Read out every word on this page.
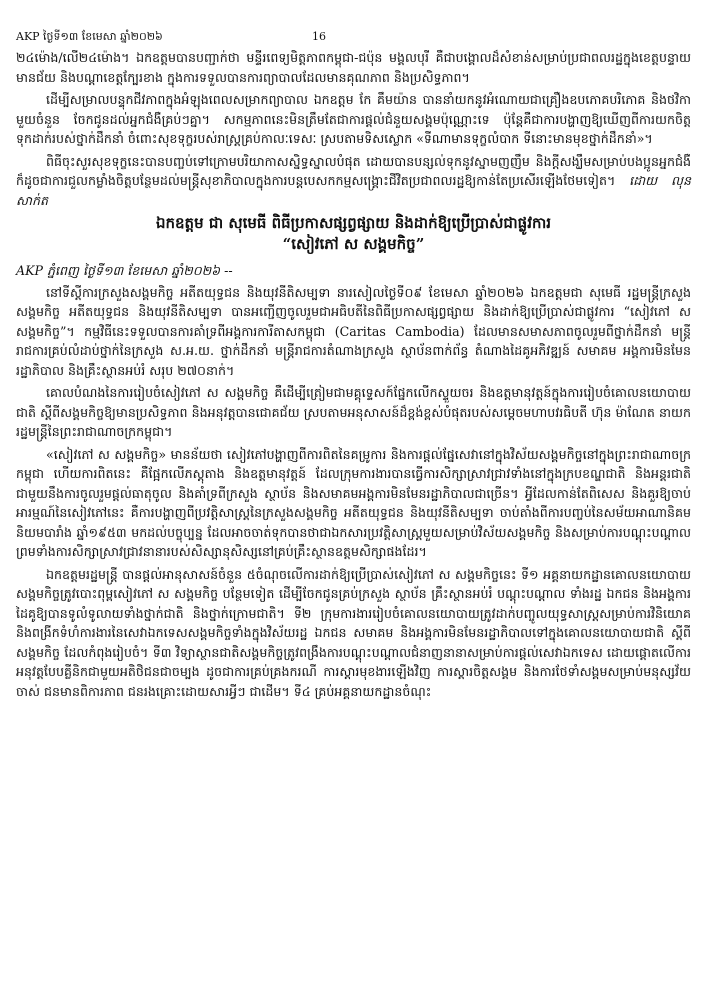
AKP ថ្ងៃទី១៣ ខែមេសា ឆ្នាំ២០២៦	16

២៤ម៉ោង/លើ២៤ម៉ោង។ ឯកឧត្តមបានបញ្ជាក់ថា មន្ទីរពេទ្យមិត្តភាពកម្ពុជា-ជប៉ុន មង្គលបុរី គឺជាបង្គោលដ៏សំខាន់សម្រាប់ប្រជាពលរដ្ឋក្នុងខេត្តបន្ទាយមានជ័យ និងបណ្ដាខេត្តក្បែរខាង ក្នុងការទទួលបានការព្យាបាលដែលមានគុណភាព និងប្រសិទ្ធភាព។

ដើម្បីសម្រាលបន្ទុកជីវភាពក្នុងអំឡុងពេលសម្រាកព្យាបាល ឯកឧត្តម កែ គឹមយ៉ាន បាននាំយកនូវអំណោយជាគ្រឿងឧបភោគបរិភោគ និងថវិកាមួយចំនួន ចែកជូនដល់អ្នកជំងឺគ្រប់ៗគ្នា។ សកម្មភាពនេះមិនត្រឹមតែជាការផ្ដល់ជំនួយសង្គមប៉ុណ្ណោះទេ ប៉ុន្តែគឺជាការបង្ហាញឱ្យឃើញពីការយកចិត្តទុកដាក់របស់ថ្នាក់ដឹកនាំ ចំពោះសុខទុក្ខរបស់រាស្ត្រគ្រប់កាលៈទេសៈ ស្របតាមទិសស្លោក «ទីណាមានទុក្ខលំបាក ទីនោះមានមុខថ្នាក់ដឹកនាំ»។

ពិធីចុះសួរសុខទុក្ខនេះបានបញ្ចប់ទៅក្រោមបរិយាកាសស្និទ្ធស្នាលបំផុត ដោយបានបន្សល់ទុកនូវស្នាមញញឹម និងក្ដីសង្ឃឹមសម្រាប់បងប្អូនអ្នកជំងឺ ក៏ដូចជាការជួលកម្លាំងចិត្តបន្ថែមដល់មន្ត្រីសុខាភិបាលក្នុងការបន្តបេសកកម្មសង្គ្រោះជីវិតប្រជាពលរដ្ឋឱ្យកាន់តែប្រសើរឡើងថែមទៀត។ ដោយ លុន សាក់ត

ឯកឧត្តម ជា សុមេធី ពិធីប្រកាសផ្សព្វផ្សាយ និងដាក់ឱ្យប្រើប្រាស់ជាផ្លូវការ
“សៀវភៅ ស សង្គមកិច្ច”
AKP ភ្នំពេញ ថ្ងៃទី១៣ ខែមេសា ឆ្នាំ២០២៦ --

នៅទីស្ដីការក្រសួងសង្គមកិច្ច អតីតយុទ្ធជន និងយុវនីតិសម្បទា នារសៀលថ្ងៃទី០៩ ខែមេសា ឆ្នាំ២០២៦ ឯកឧត្តមជា សុមេធី រដ្ឋមន្ត្រីក្រសួងសង្គមកិច្ច អតីតយុទ្ធជន និងយុវនីតិសម្បទា បានអញ្ជើញចូលរួមជាអធិបតីនៃពិធីប្រកាសផ្សព្វផ្សាយ និងដាក់ឱ្យប្រើប្រាស់ជាផ្លូវការ “សៀវភៅ ស សង្គមកិច្ច”។ កម្មវិធីនេះទទួលបានការគាំទ្រពីអង្គការការីតាសកម្ពុជា (Caritas Cambodia) ដែលមានសមាសភាពចូលរួមពីថ្នាក់ដឹកនាំ មន្ត្រីរាជការគ្រប់លំដាប់ថ្នាក់នៃក្រសួង ស.អ.យ. ថ្នាក់ដឹកនាំ មន្ត្រីរាជការតំណាងក្រសួង ស្ថាប័នពាក់ព័ន្ធ តំណាងដៃគូអភិវឌ្ឍន៍ សមាគម អង្គការមិនមែនរដ្ឋាភិបាល និងគ្រឹះស្ថានអប់រំ សរុប ២៧០នាក់។

គោលបំណងនៃការរៀបចំសៀវភៅ ស សង្គមកិច្ច គឺដើម្បីត្រៀមជាមគ្គុទ្ទេសក៍ផ្នែកលើកស្ទួយចរ និងឧត្តមានុវត្តន៍ក្នុងការរៀបចំគោលនយោបាយជាតិ ស្ដីពីសង្គមកិច្ចឱ្យមានប្រសិទ្ធភាព និងអនុវត្តបានជោគជ័យ ស្របតាមអនុសាសន៍ដ៏ខ្ពង់ខ្ពស់បំផុតរបស់សម្ដេចមហាបវរធិបតី ហ៊ុន ម៉ាណែត នាយករដ្ឋមន្ត្រីនៃព្រះរាជាណាចក្រកម្ពុជា។

«សៀវភៅ ស សង្គមកិច្ច» មានន័យថា សៀវភៅបង្ហាញពីការពិតនៃគម្រូការ និងការផ្ដល់ផ្នែសេវានៅក្នុងវិស័យសង្គមកិច្ចនៅក្នុងព្រះរាជាណាចក្រកម្ពុជា ហើយការពិតនេះ គឺផ្អែកលើភស្ដុតាង និងឧត្តមានុវត្តន៍ ដែលក្រុមការងារបានធ្វើការសិក្សាស្រាវជ្រាវទាំងនៅក្នុងក្របខណ្ឌជាតិ និងអន្តរជាតិ ជាមួយនឹងការចូលរួមផ្ដល់ធាតុចូល និងគាំទ្រពីក្រសួង ស្ថាប័ន និងសមាគមអង្គការមិនមែនរដ្ឋាភិបាលជាច្រើន។ អ្វីដែលកាន់តែពិសេស និងគួរឱ្យចាប់អារម្មណ៍នៃសៀវភៅនេះ គឺការបង្ហាញពីប្រវត្តិសាស្ត្រនៃក្រសួងសង្គមកិច្ច អតីតយុទ្ធជន និងយុវនីតិសម្បទា ចាប់តាំងពីការបញ្ចប់នៃសម័យអាណានិគមនិយមបារាំង ឆ្នាំ១៩៥៣ មកដល់បច្ចុប្បន្ន ដែលអាចចាត់ទុកបានថាជាឯកសារប្រវត្តិសាស្ត្រមួយសម្រាប់វិស័យសង្គមកិច្ច និងសម្រាប់ការបណ្ដុះបណ្ដាលព្រមទាំងការសិក្សាស្រាវជ្រាវនានារបស់សិស្សានុសិស្សនៅគ្រប់គ្រឹះស្ថានឧត្តមសិក្សាផងដែរ។

ឯកឧត្តមរដ្ឋមន្ត្រី បានផ្ដល់អានុសាសន៍ចំនួន ៥ចំណុចលើការដាក់ឱ្យប្រើប្រាស់សៀវភៅ ស សង្គមកិច្ចនេះ ទី១ អគ្គនាយកដ្ឋានគោលនយោបាយសង្គមកិច្ចត្រូវបោះពុម្ពសៀវភៅ ស សង្គមកិច្ច បន្ថែមទៀត ដើម្បីចែកជូនគ្រប់ក្រសួង ស្ថាប័ន គ្រឹះស្ថានអប់រំ បណ្ដុះបណ្ដាល ទាំងរដ្ឋ ឯកជន និងអង្គការដៃគូឱ្យបានទូលំទូលាយទាំងថ្នាក់ជាតិ និងថ្នាក់ក្រោមជាតិ។ ទី២ ក្រុមការងាររៀបចំគោលនយោបាយត្រូវដាក់បញ្ចូលយុទ្ធសាស្ត្រសម្រាប់ការវិនិយោគ និងពង្រីកទំហំការងារនៃសេវាឯកទេសសង្គមកិច្ចទាំងក្នុងវិស័យរដ្ឋ ឯកជន សមាគម និងអង្គការមិនមែនរដ្ឋាភិបាលទៅក្នុងគោលនយោបាយជាតិ ស្ដីពីសង្គមកិច្ច ដែលកំពុងរៀបចំ។ ទី៣ វិទ្យាស្ថានជាតិសង្គមកិច្ចត្រូវពង្រឹងការបណ្ដុះបណ្ដាលជំនាញនានាសម្រាប់ការផ្ដល់សេវាឯកទេស ដោយផ្ដោតលើការអនុវត្តបែបគ្លីនិកជាមួយអតិថិជនជាចម្បង ដូចជាការគ្រប់គ្រងករណី ការស្ដារមុខងារឡើងវិញ ការស្ដារចិត្តសង្គម និងការថែទាំសង្គមសម្រាប់មនុស្សវ័យចាស់ ជនមានពិការភាព ជនរងគ្រោះដោយសារអ្វីៗ ជាដើម។ ទី៤ គ្រប់អគ្គនាយកដ្ឋានចំណុះ
